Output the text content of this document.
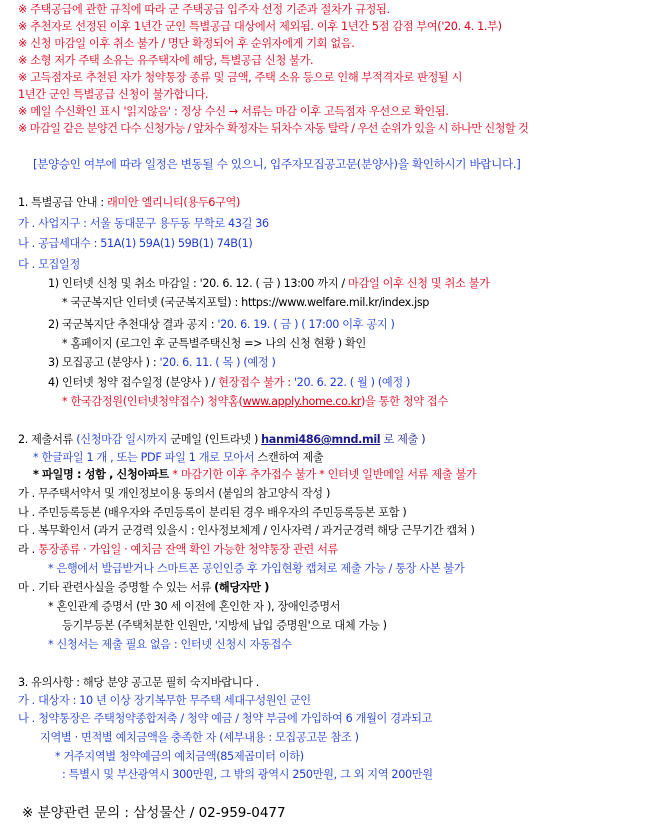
※ 주택공급에 관한 규칙에 따라 군 주택공급 입주자 선정 기준과 절차가 규정됨.
※ 추천자로 선정된 이후 1년간 군인 특별공급 대상에서 제외됨. 이후 1년간 5점 감점 부여('20. 4. 1.부)
※ 신청 마감일 이후 취소 불가 / 명단 확정되어 후 순위자에게 기회 없음.
※ 소형 저가 주택 소유는 유주택자에 해당, 특별공급 신청 불가.
※ 고득점자로 추천된 자가 청약통장 종류 및 금액, 주택 소유 등으로 인해 부적격자로 판정될 시
1년간 군인 특별공급 신청이 불가합니다.
※ 메일 수신확인 표시 '읽지않음' : 정상 수신 → 서류는 마감 이후 고득점자 우선으로 확인됨.
※ 마감일 같은 분양건 다수 신청가능 / 앞차수 확정자는 뒤차수 자동 탈락 / 우선 순위가 있을 시 하나만 신청할 것
[분양승인 여부에 따라 일정은 변동될 수 있으니, 입주자모집공고문(분양사)을 확인하시기 바랍니다.]
1. 특별공급 안내 : 래미안 엘리니티(용두6구역)
가 . 사업지구 : 서울 동대문구 용두동 무학로 43길 36
나 . 공급세대수 : 51A(1) 59A(1) 59B(1) 74B(1)
다 . 모집일정
1) 인터넷 신청 및 취소 마감일 : '20. 6. 12. ( 금 ) 13:00 까지 / 마감일 이후 신청 및 취소 불가
* 국군복지단 인터넷 (국군복지포털) : https://www.welfare.mil.kr/index.jsp
2) 국군복지단 추천대상 결과 공지 : '20. 6. 19. ( 금 ) ( 17:00 이후 공지 )
* 홈페이지 (로그인 후 군특별주택신청 => 나의 신청 현황 ) 확인
3) 모집공고 (분양사 ) : '20. 6. 11. ( 목 ) (예정 )
4) 인터넷 청약 접수일정 (분양사 ) / 현장접수 불가 : '20. 6. 22. ( 월 ) (예정 )
* 한국감정원(인터넷청약접수) 청약홈(www.apply.home.co.kr)을 통한 청약 접수
2. 제출서류 (신청마감 일시까지 군메일 (인트라넷 ) hanmi486@mnd.mil 로 제출 )
* 한글파일 1 개 , 또는 PDF 파일 1 개로 모아서 스캔하여 제출
* 파일명 : 성함 , 신청아파트 * 마감기한 이후 추가접수 불가 * 인터넷 일반메일 서류 제출 불가
가 . 무주택서약서 및 개인정보이용 동의서 (붙임의 참고양식 작성 )
나 . 주민등록등본 (배우자와 주민등록이 분리된 경우 배우자의 주민등록등본 포함 )
다 . 복무확인서 (과거 군경력 있을시 : 인사정보체계 / 인사자력 / 과거군경력 해당 근무기간 캡쳐 )
라 . 통장종류 · 가입일 · 예치금 잔액 확인 가능한 청약통장 관련 서류
* 은행에서 발급받거나 스마트폰 공인인증 후 가입현황 캡쳐로 제출 가능 / 통장 사본 불가
마 . 기타 관련사실을 증명할 수 있는 서류 (해당자만 )
* 혼인관계 증명서 (만 30 세 이전에 혼인한 자 ), 장애인증명서
등기부등본 (주택처분한 인원만, '지방세 납입 증명원'으로 대체 가능 )
* 신청서는 제출 필요 없음 : 인터넷 신청시 자동접수
3. 유의사항 : 해당 분양 공고문 필히 숙지바랍니다 .
가 . 대상자 : 10 년 이상 장기복무한 무주택 세대구성원인 군인
나 . 청약통장은 주택청약종합저축 / 청약 예금 / 청약 부금에 가입하여 6 개월이 경과되고
지역별 · 면적별 예치금액을 충족한 자 (세부내용 : 모집공고문 참조 )
* 거주지역별 청약예금의 예치금액(85제곱미터 이하)
: 특별시 및 부산광역시 300만원, 그 밖의 광역시 250만원, 그 외 지역 200만원
※ 분양관련 문의 : 삼성물산 / 02-959-0477
